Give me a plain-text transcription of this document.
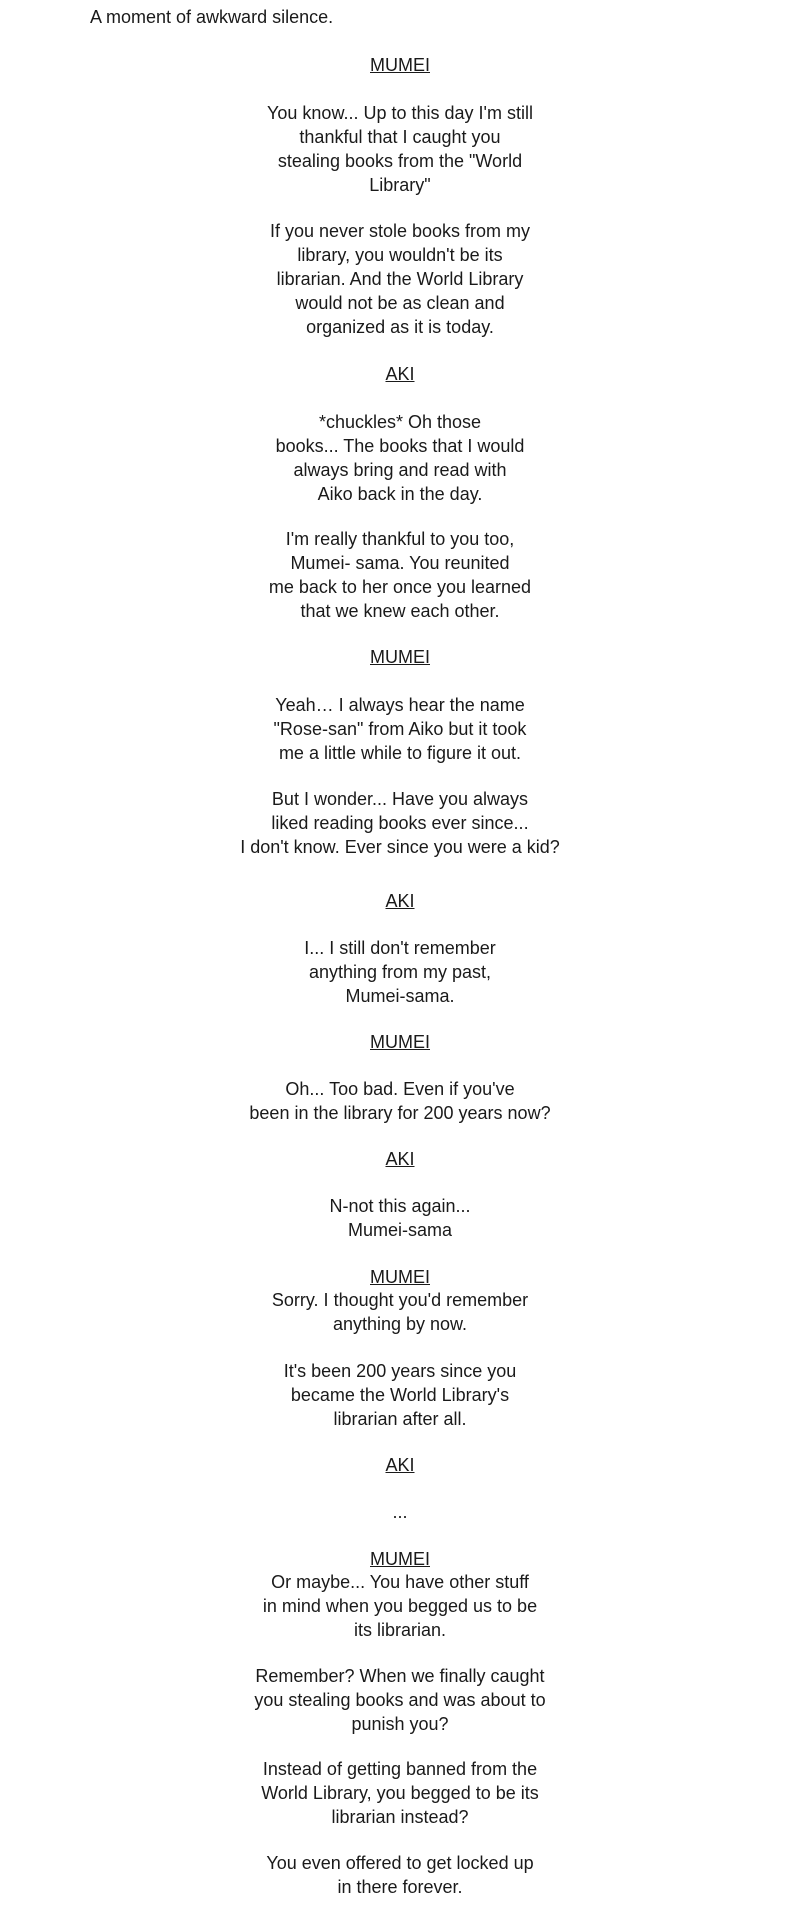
A moment of awkward silence.
MUMEI
You know... Up to this day I'm still
thankful that I caught you
stealing books from the "World
Library"
If you never stole books from my
library, you wouldn't be its
librarian. And the World Library
would not be as clean and
organized as it is today.
AKI
*chuckles* Oh those
books... The books that I would
always bring and read with
Aiko back in the day.
I'm really thankful to you too,
Mumei- sama. You reunited
me back to her once you learned
that we knew each other.
MUMEI
Yeah… I always hear the name
"Rose-san" from Aiko but it took
me a little while to figure it out.
But I wonder... Have you always
liked reading books ever since...
I don't know. Ever since you were a kid?
AKI
I... I still don't remember
anything from my past,
Mumei-sama.
MUMEI
Oh... Too bad. Even if you've
been in the library for 200 years now?
AKI
N-not this again...
Mumei-sama
MUMEI
Sorry. I thought you'd remember
anything by now.
It's been 200 years since you
became the World Library's
librarian after all.
AKI
...
MUMEI
Or maybe... You have other stuff
in mind when you begged us to be
its librarian.
Remember? When we finally caught
you stealing books and was about to
punish you?
Instead of getting banned from the
World Library, you begged to be its
librarian instead?
You even offered to get locked up
in there forever.
